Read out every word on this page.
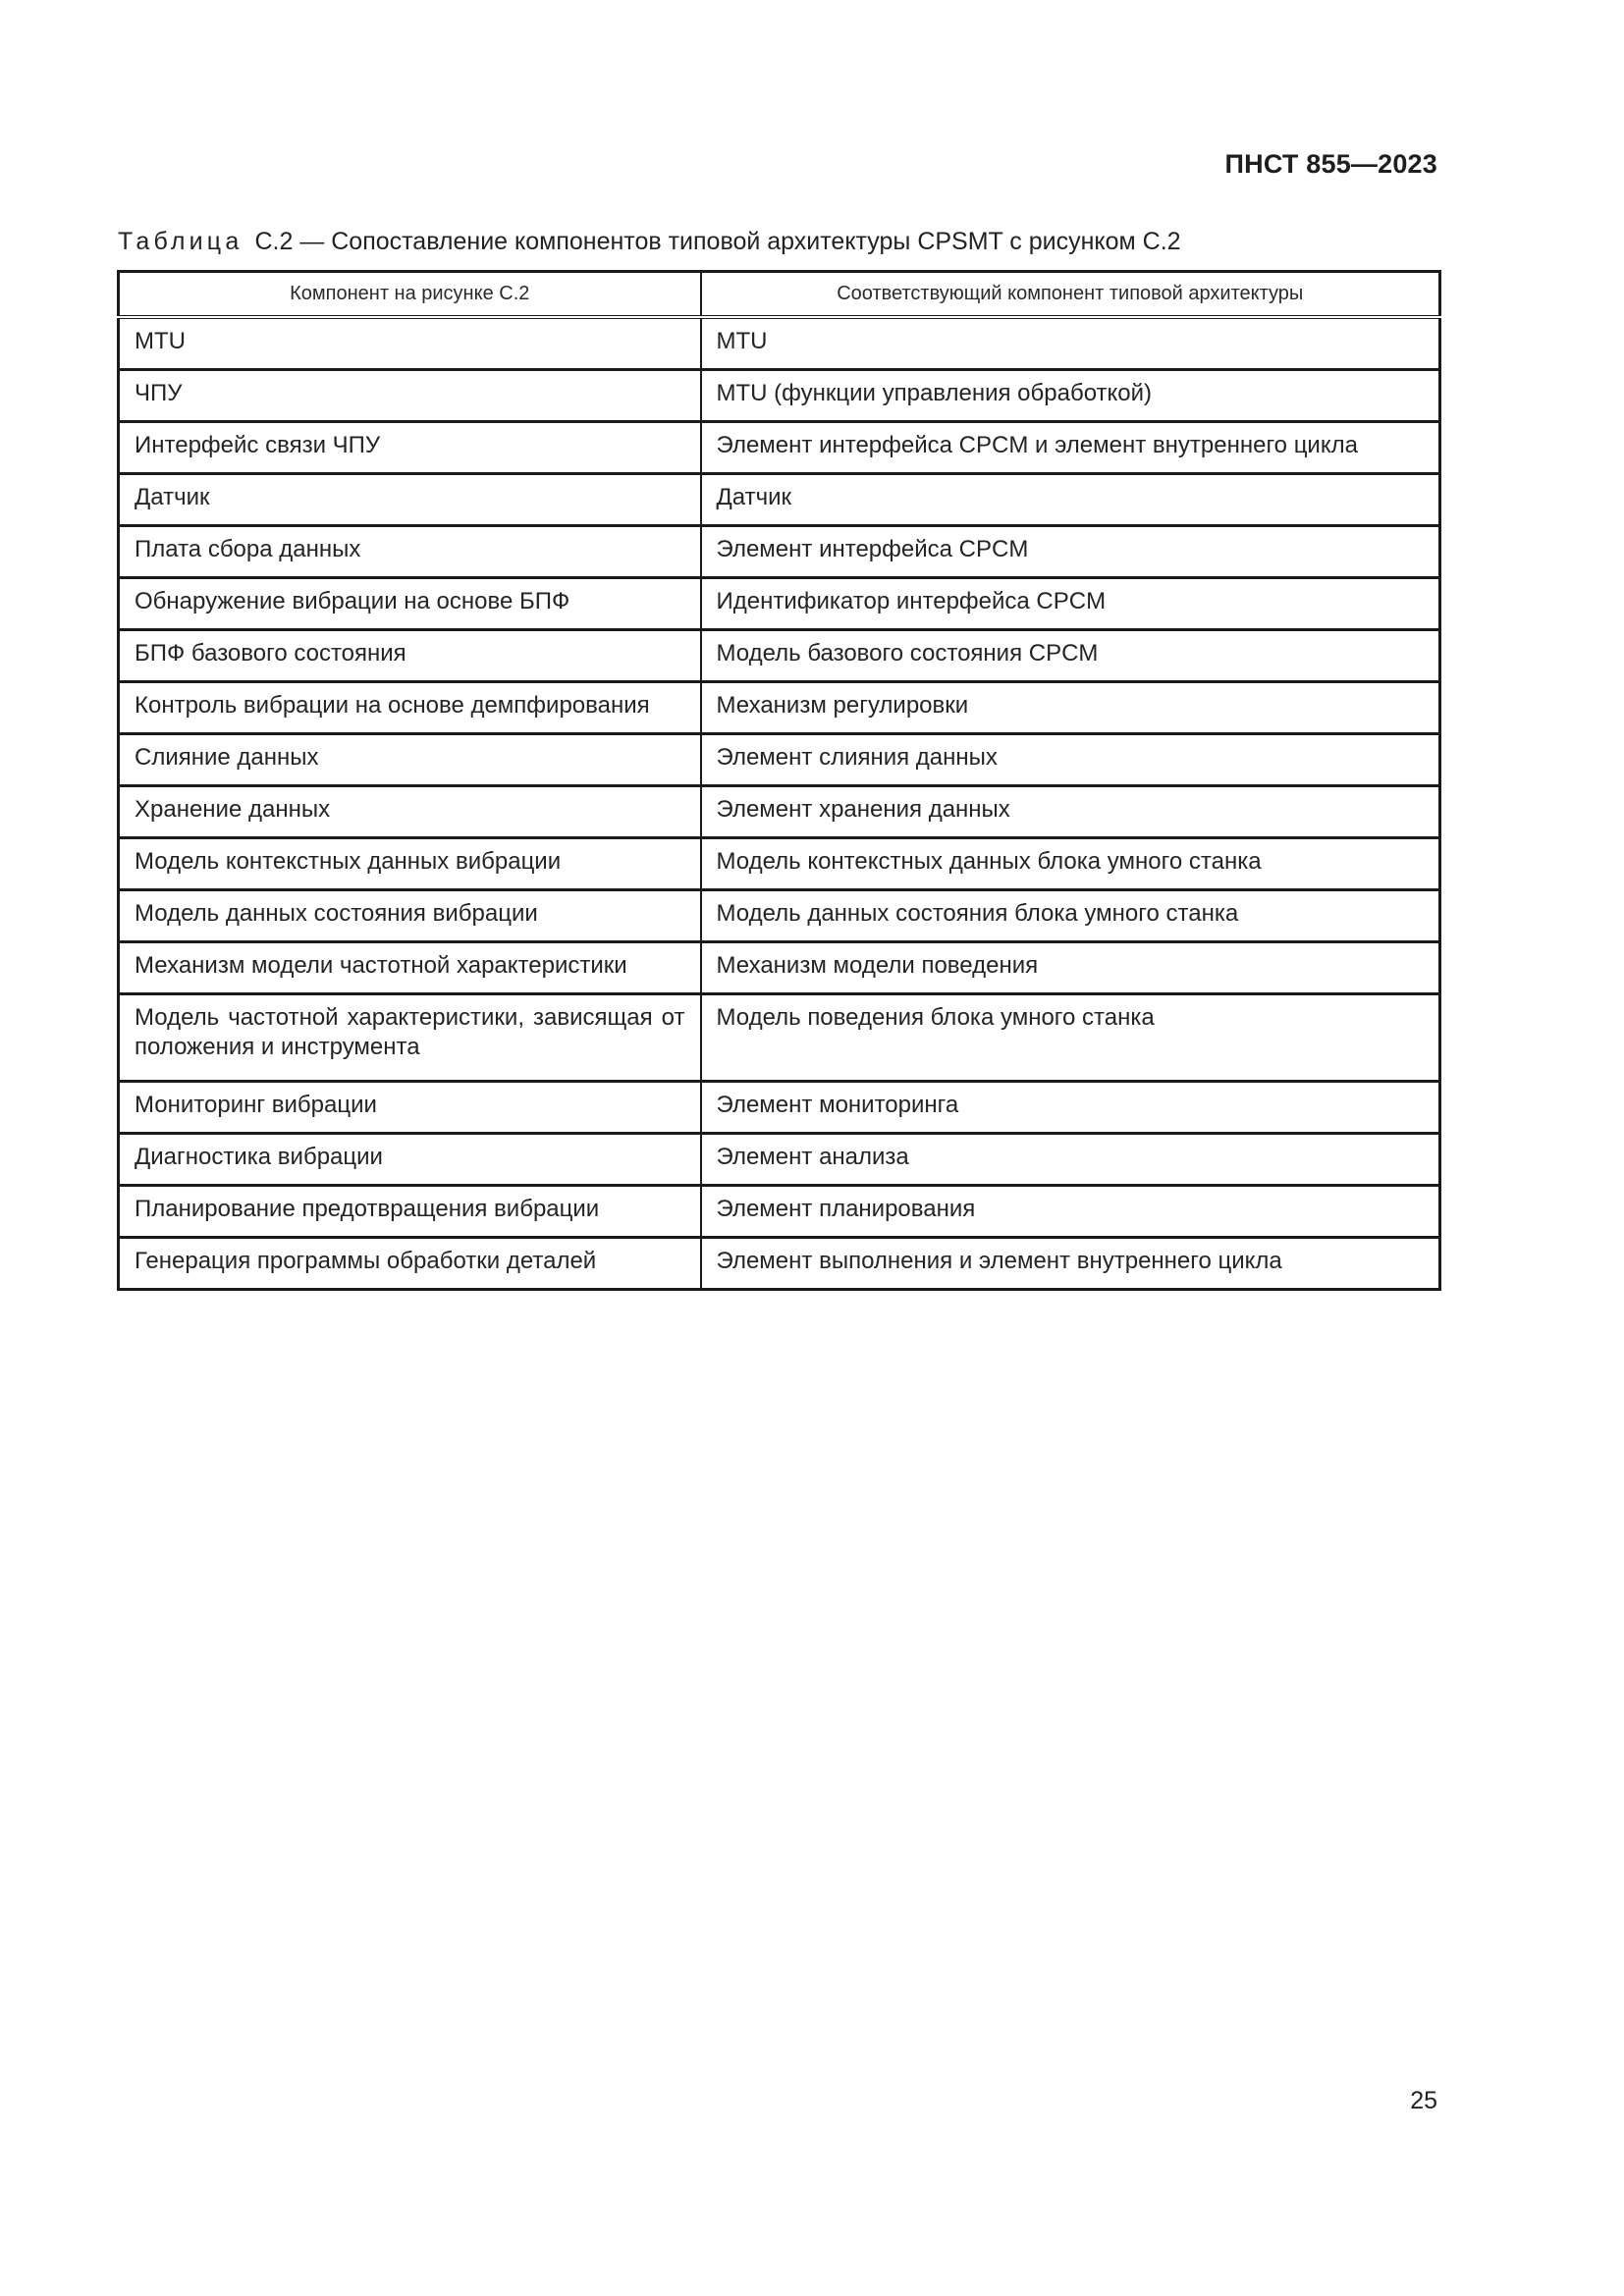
ПНСТ 855—2023
Таблица С.2 — Сопоставление компонентов типовой архитектуры CPSMT с рисунком С.2
Компонент на рисунке С.2	Соответствующий компонент типовой архитектуры
MTU	MTU
ЧПУ	MTU (функции управления обработкой)
Интерфейс связи ЧПУ	Элемент интерфейса CPCM и элемент внутреннего цикла
Датчик	Датчик
Плата сбора данных	Элемент интерфейса CPCM
Обнаружение вибрации на основе БПФ	Идентификатор интерфейса CPCM
БПФ базового состояния	Модель базового состояния CPCM
Контроль вибрации на основе демпфирования	Механизм регулировки
Слияние данных	Элемент слияния данных
Хранение данных	Элемент хранения данных
Модель контекстных данных вибрации	Модель контекстных данных блока умного станка
Модель данных состояния вибрации	Модель данных состояния блока умного станка
Механизм модели частотной характеристики	Механизм модели поведения
Модель частотной характеристики, зависящая от положения и инструмента	Модель поведения блока умного станка
Мониторинг вибрации	Элемент мониторинга
Диагностика вибрации	Элемент анализа
Планирование предотвращения вибрации	Элемент планирования
Генерация программы обработки деталей	Элемент выполнения и элемент внутреннего цикла
25
